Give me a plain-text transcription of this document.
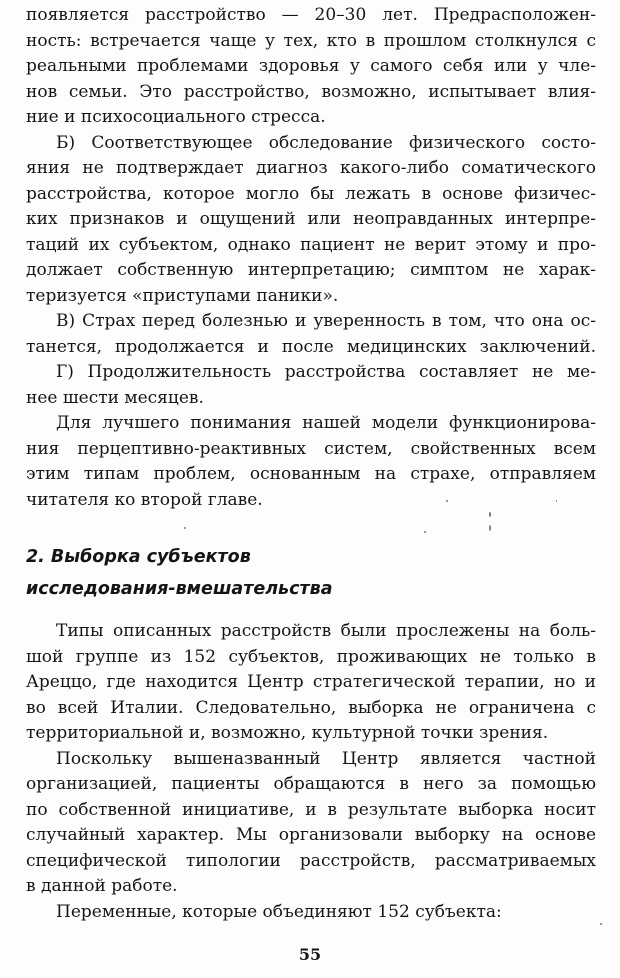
появляется расстройство — 20–30 лет. Предрасположен-
ность: встречается чаще у тех, кто в прошлом столкнулся с
реальными проблемами здоровья у самого себя или у чле-
нов семьи. Это расстройство, возможно, испытывает влия-
ние и психосоциального стресса.
Б) Соответствующее обследование физического состо-
яния не подтверждает диагноз какого-либо соматического
расстройства, которое могло бы лежать в основе физичес-
ких признаков и ощущений или неоправданных интерпре-
таций их субъектом, однако пациент не верит этому и про-
должает собственную интерпретацию; симптом не харак-
теризуется «приступами паники».
В) Страх перед болезнью и уверенность в том, что она ос-
танется, продолжается и после медицинских заключений.
Г) Продолжительность расстройства составляет не ме-
нее шести месяцев.
Для лучшего понимания нашей модели функционирова-
ния перцептивно-реактивных систем, свойственных всем
этим типам проблем, основанным на страхе, отправляем
читателя ко второй главе.
2. Выборка субъектов
исследования-вмешательства
Типы описанных расстройств были прослежены на боль-
шой группе из 152 субъектов, проживающих не только в
Ареццо, где находится Центр стратегической терапии, но и
во всей Италии. Следовательно, выборка не ограничена с
территориальной и, возможно, культурной точки зрения.
Поскольку вышеназванный Центр является частной
организацией, пациенты обращаются в него за помощью
по собственной инициативе, и в результате выборка носит
случайный характер. Мы организовали выборку на основе
специфической типологии расстройств, рассматриваемых
в данной работе.
Переменные, которые объединяют 152 субъекта:
55
